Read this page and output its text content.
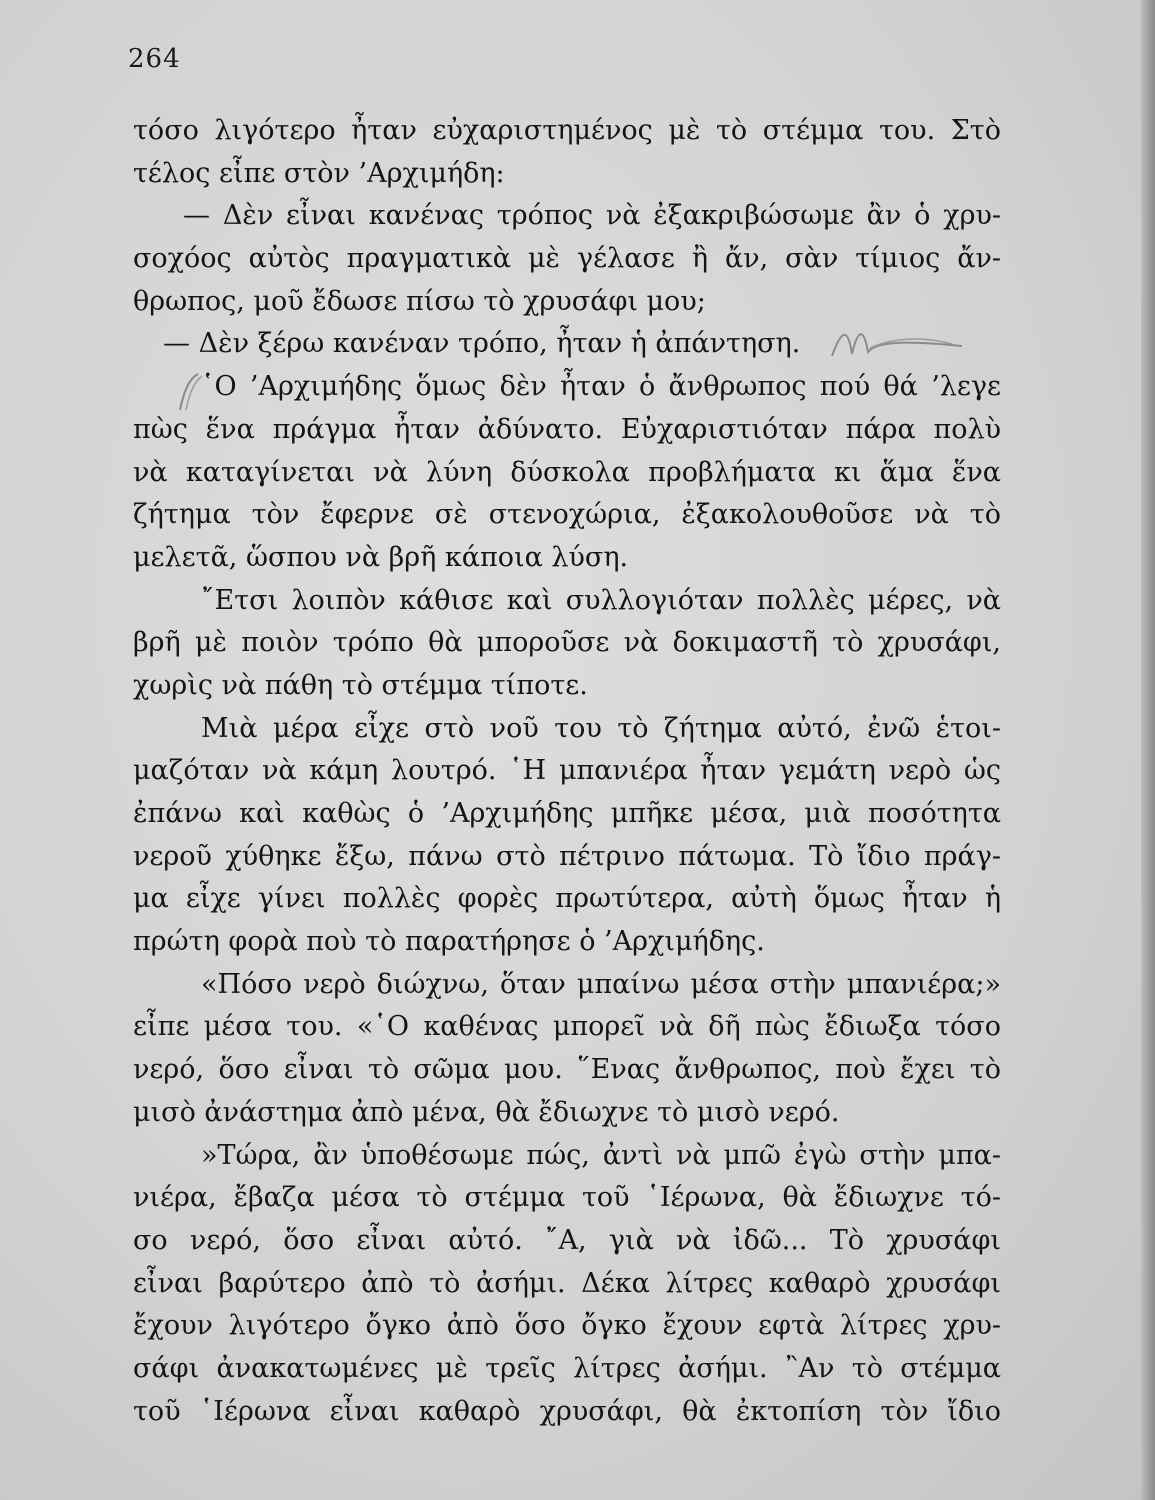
264
τόσο λιγότερο ἦταν εὐχαριστημένος μὲ τὸ στέμμα του. Στὸ
τέλος εἶπε στὸν ’Αρχιμήδη:
— Δὲν εἶναι κανένας τρόπος νὰ ἐξακριβώσωμε ἂν ὁ χρυ-
σοχόος αὐτὸς πραγματικὰ μὲ γέλασε ἢ ἄν, σὰν τίμιος ἄν-
θρωπος, μοῦ ἔδωσε πίσω τὸ χρυσάφι μου;
— Δὲν ξέρω κανέναν τρόπο, ἦταν ἡ ἀπάντηση.
῾Ο ’Αρχιμήδης ὅμως δὲν ἦταν ὁ ἄνθρωπος πού θά ’λεγε
πὼς ἕνα πράγμα ἦταν ἀδύνατο. Εὐχαριστιόταν πάρα πολὺ
νὰ καταγίνεται νὰ λύνη δύσκολα προβλήματα κι ἅμα ἕνα
ζήτημα τὸν ἔφερνε σὲ στενοχώρια, ἐξακολουθοῦσε νὰ τὸ
μελετᾶ, ὥσπου νὰ βρῆ κάποια λύση.
῎Ετσι λοιπὸν κάθισε καὶ συλλογιόταν πολλὲς μέρες, νὰ
βρῆ μὲ ποιὸν τρόπο θὰ μποροῦσε νὰ δοκιμαστῆ τὸ χρυσάφι,
χωρὶς νὰ πάθη τὸ στέμμα τίποτε.
Μιὰ μέρα εἶχε στὸ νοῦ του τὸ ζήτημα αὐτό, ἐνῶ ἑτοι-
μαζόταν νὰ κάμη λουτρό. ῾Η μπανιέρα ἦταν γεμάτη νερὸ ὡς
ἐπάνω καὶ καθὼς ὁ ’Αρχιμήδης μπῆκε μέσα, μιὰ ποσότητα
νεροῦ χύθηκε ἔξω, πάνω στὸ πέτρινο πάτωμα. Τὸ ἴδιο πράγ-
μα εἶχε γίνει πολλὲς φορὲς πρωτύτερα, αὐτὴ ὅμως ἦταν ἡ
πρώτη φορὰ ποὺ τὸ παρατήρησε ὁ ’Αρχιμήδης.
«Πόσο νερὸ διώχνω, ὅταν μπαίνω μέσα στὴν μπανιέρα;»
εἶπε μέσα του. «῾Ο καθένας μπορεῖ νὰ δῆ πὼς ἔδιωξα τόσο
νερό, ὅσο εἶναι τὸ σῶμα μου. ῞Ενας ἄνθρωπος, ποὺ ἔχει τὸ
μισὸ ἀνάστημα ἀπὸ μένα, θὰ ἔδιωχνε τὸ μισὸ νερό.
»Τώρα, ἂν ὑποθέσωμε πώς, ἀντὶ νὰ μπῶ ἐγὼ στὴν μπα-
νιέρα, ἔβαζα μέσα τὸ στέμμα τοῦ ῾Ιέρωνα, θὰ ἔδιωχνε τό-
σο νερό, ὅσο εἶναι αὐτό. ῎Α, γιὰ νὰ ἰδῶ... Τὸ χρυσάφι
εἶναι βαρύτερο ἀπὸ τὸ ἀσήμι. Δέκα λίτρες καθαρὸ χρυσάφι
ἔχουν λιγότερο ὄγκο ἀπὸ ὅσο ὄγκο ἔχουν εφτὰ λίτρες χρυ-
σάφι ἀνακατωμένες μὲ τρεῖς λίτρες ἀσήμι. ῍Αν τὸ στέμμα
τοῦ ῾Ιέρωνα εἶναι καθαρὸ χρυσάφι, θὰ ἐκτοπίση τὸν ἴδιο
